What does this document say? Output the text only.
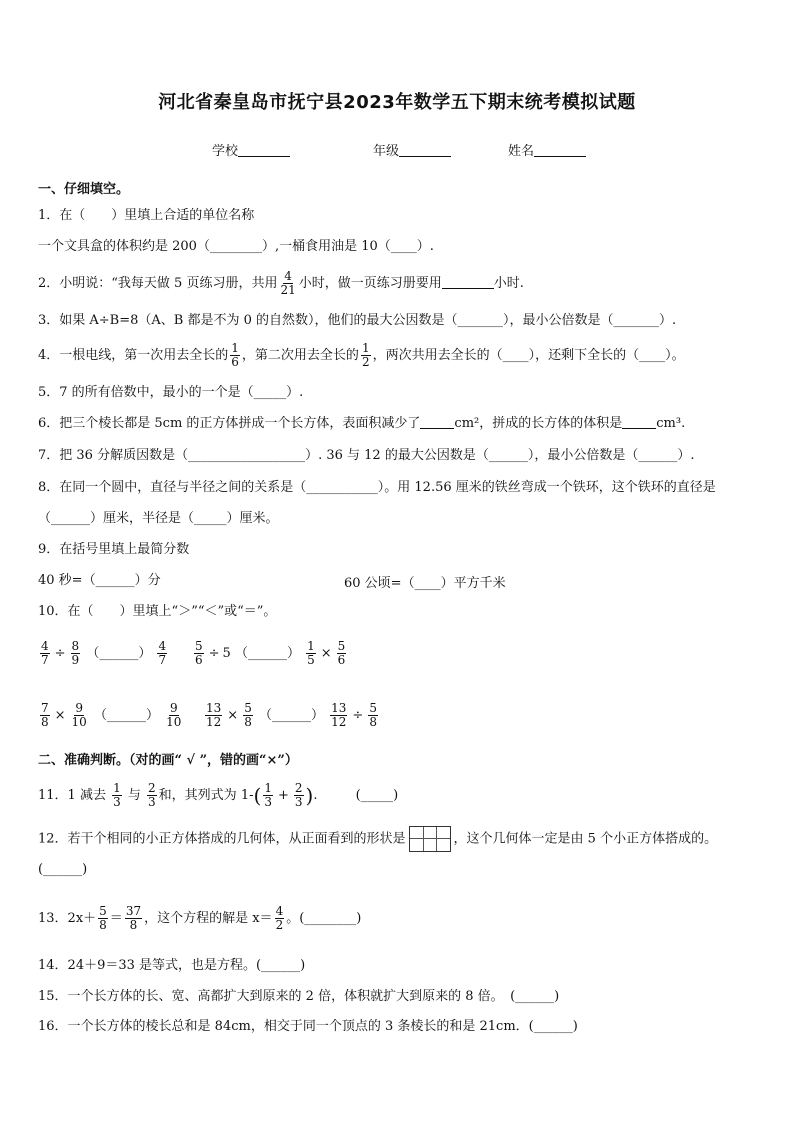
河北省秦皇岛市抚宁县2023年数学五下期末统考模拟试题
学校	年级	姓名
一、仔细填空。
1．在（　　）里填上合适的单位名称
一个文具盒的体积约是 200（________）,一桶食用油是 10（____）.
2．小明说：“我每天做 5 页练习册，共用 $\frac{4}{21}$ 小时，做一页练习册要用	小时.
3．如果 A÷B=8（A、B 都是不为 0 的自然数），他们的最大公因数是（_______），最小公倍数是（_______）.
4．一根电线，第一次用去全长的 $\frac{1}{6}$ ，第二次用去全长的 $\frac{1}{2}$ ，两次共用去全长的（____），还剩下全长的（____）。
5．7 的所有倍数中，最小的一个是（_____）.
6．把三个棱长都是 5cm 的正方体拼成一个长方体，表面积减少了	cm²，拼成的长方体的体积是	cm³.
7．把 36 分解质因数是（__________________）. 36 与 12 的最大公因数是（______），最小公倍数是（______）.
8．在同一个圆中，直径与半径之间的关系是（___________）。用 12.56 厘米的铁丝弯成一个铁环，这个铁环的直径是
（______）厘米，半径是（_____）厘米。
9．在括号里填上最简分数
40 秒=（______）分	60 公顷=（____）平方千米
10．在（　　）里填上“＞”“＜”或“＝”。
$\frac{4}{7} \div \frac{8}{9}$ （______） $\frac{4}{7} \frac{5}{6} \div 5$ （______） $\frac{1}{5} \times \frac{5}{6}$
$\frac{7}{8} \times \frac{9}{10}$ （______） $\frac{9}{10} \frac{13}{12} \times \frac{5}{8}$ （______） $\frac{13}{12} \div \frac{5}{8}$
二、准确判断。（对的画“ √ ”，错的画“×”）
11．1 减去 $\frac{1}{3}$ 与 $\frac{2}{3}$ 和，其列式为 $1-( \frac{1}{3} + \frac{2}{3}$ ).	(_____)
12．若干个相同的小正方体搭成的几何体，从正面看到的形状是	，这个几何体一定是由 5 个小正方体搭成的。
(______)
13．$2x+ \frac{5}{8} = \frac{37}{8}$ ，这个方程的解是 $x= \frac{4}{2}$ 。(________)
14．24＋9＝33 是等式，也是方程。(______)
15．一个长方体的长、宽、高都扩大到原来的 2 倍，体积就扩大到原来的 8 倍。　(______)
16．一个长方体的棱长总和是 84cm，相交于同一个顶点的 3 条棱长的和是 21cm．(______)
